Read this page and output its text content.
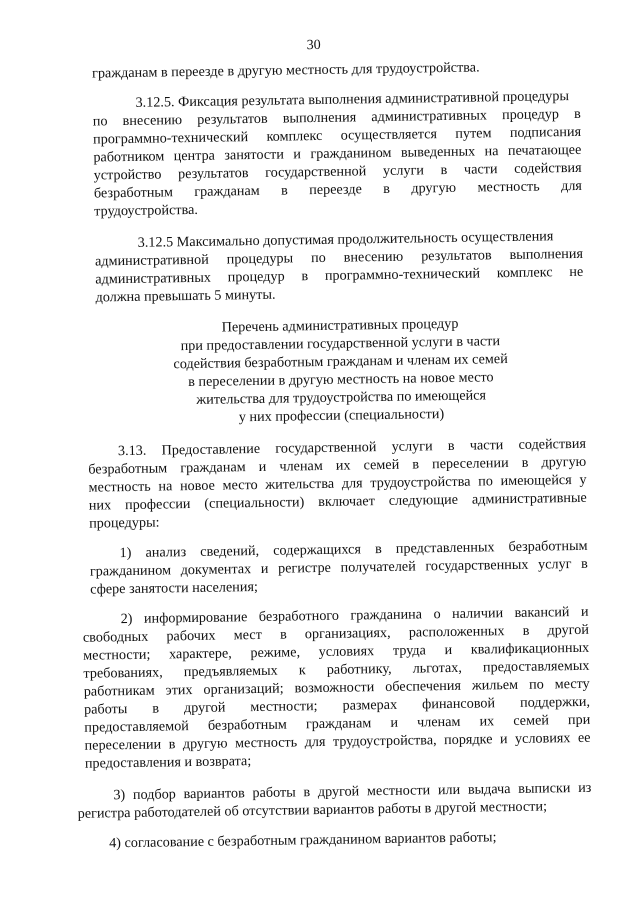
30
гражданам в переезде в другую местность для трудоустройства.
3.12.5. Фиксация результата выполнения административной процедуры
по внесению результатов выполнения административных процедур в
программно-технический комплекс осуществляется путем подписания
работником центра занятости и гражданином выведенных на печатающее
устройство результатов государственной услуги в части содействия
безработным гражданам в переезде в другую местность для
трудоустройства.
3.12.5 Максимально допустимая продолжительность осуществления
административной процедуры по внесению результатов выполнения
административных процедур в программно-технический комплекс не
должна превышать 5 минуты.
Перечень административных процедур
при предоставлении государственной услуги в части
содействия безработным гражданам и членам их семей
в переселении в другую местность на новое место
жительства для трудоустройства по имеющейся
у них профессии (специальности)
3.13. Предоставление государственной услуги в части содействия
безработным гражданам и членам их семей в переселении в другую
местность на новое место жительства для трудоустройства по имеющейся у
них профессии (специальности) включает следующие административные
процедуры:
1) анализ сведений, содержащихся в представленных безработным
гражданином документах и регистре получателей государственных услуг в
сфере занятости населения;
2) информирование безработного гражданина о наличии вакансий и
свободных рабочих мест в организациях, расположенных в другой
местности; характере, режиме, условиях труда и квалификационных
требованиях, предъявляемых к работнику, льготах, предоставляемых
работникам этих организаций; возможности обеспечения жильем по месту
работы в другой местности; размерах финансовой поддержки,
предоставляемой безработным гражданам и членам их семей при
переселении в другую местность для трудоустройства, порядке и условиях ее
предоставления и возврата;
3) подбор вариантов работы в другой местности или выдача выписки из
регистра работодателей об отсутствии вариантов работы в другой местности;
4) согласование с безработным гражданином вариантов работы;
